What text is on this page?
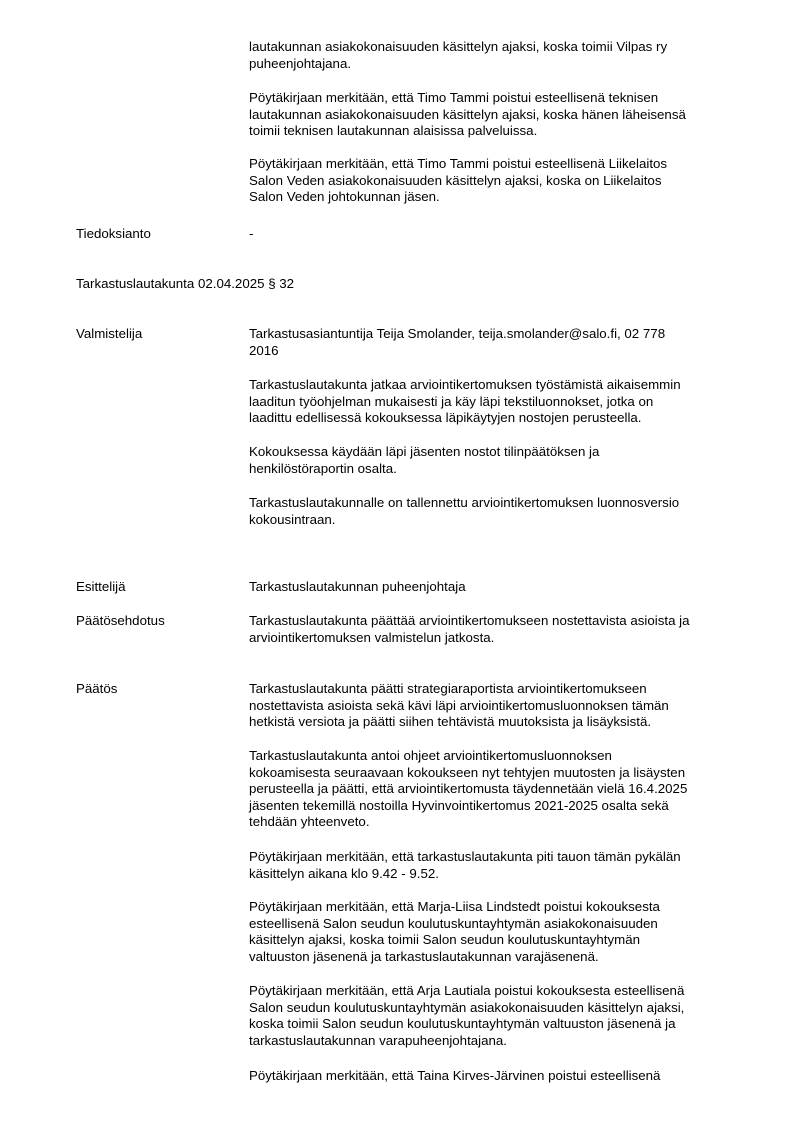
lautakunnan asiakokonaisuuden käsittelyn ajaksi, koska toimii Vilpas ry
puheenjohtajana.

Pöytäkirjaan merkitään, että Timo Tammi poistui esteellisenä teknisen
lautakunnan asiakokonaisuuden käsittelyn ajaksi, koska hänen läheisensä
toimii teknisen lautakunnan alaisissa palveluissa.

Pöytäkirjaan merkitään, että Timo Tammi poistui esteellisenä Liikelaitos
Salon Veden asiakokonaisuuden käsittelyn ajaksi, koska on Liikelaitos
Salon Veden johtokunnan jäsen.

Tiedoksianto	-

Tarkastuslautakunta 02.04.2025 § 32

Valmistelija	Tarkastusasiantuntija Teija Smolander, teija.smolander@salo.fi, 02 778
2016

Tarkastuslautakunta jatkaa arviointikertomuksen työstämistä aikaisemmin
laaditun työohjelman mukaisesti ja käy läpi tekstiluonnokset, jotka on
laadittu edellisessä kokouksessa läpikäytyjen nostojen perusteella.

Kokouksessa käydään läpi jäsenten nostot tilinpäätöksen ja
henkilöstöraportin osalta.

Tarkastuslautakunnalle on tallennettu arviointikertomuksen luonnosversio
kokousintraan.

Esittelijä	Tarkastuslautakunnan puheenjohtaja

Päätösehdotus	Tarkastuslautakunta päättää arviointikertomukseen nostettavista asioista ja
arviointikertomuksen valmistelun jatkosta.

Päätös	Tarkastuslautakunta päätti strategiaraportista arviointikertomukseen
nostettavista asioista sekä kävi läpi arviointikertomusluonnoksen tämän
hetkistä versiota ja päätti siihen tehtävistä muutoksista ja lisäyksistä.

Tarkastuslautakunta antoi ohjeet arviointikertomusluonnoksen
kokoamisesta seuraavaan kokoukseen nyt tehtyjen muutosten ja lisäysten
perusteella ja päätti, että arviointikertomusta täydennetään vielä 16.4.2025
jäsenten tekemillä nostoilla Hyvinvointikertomus 2021-2025 osalta sekä
tehdään yhteenveto.

Pöytäkirjaan merkitään, että tarkastuslautakunta piti tauon tämän pykälän
käsittelyn aikana klo 9.42 - 9.52.

Pöytäkirjaan merkitään, että Marja-Liisa Lindstedt poistui kokouksesta
esteellisenä Salon seudun koulutuskuntayhtymän asiakokonaisuuden
käsittelyn ajaksi, koska toimii Salon seudun koulutuskuntayhtymän
valtuuston jäsenenä ja tarkastuslautakunnan varajäsenenä.

Pöytäkirjaan merkitään, että Arja Lautiala poistui kokouksesta esteellisenä
Salon seudun koulutuskuntayhtymän asiakokonaisuuden käsittelyn ajaksi,
koska toimii Salon seudun koulutuskuntayhtymän valtuuston jäsenenä ja
tarkastuslautakunnan varapuheenjohtajana.

Pöytäkirjaan merkitään, että Taina Kirves-Järvinen poistui esteellisenä
